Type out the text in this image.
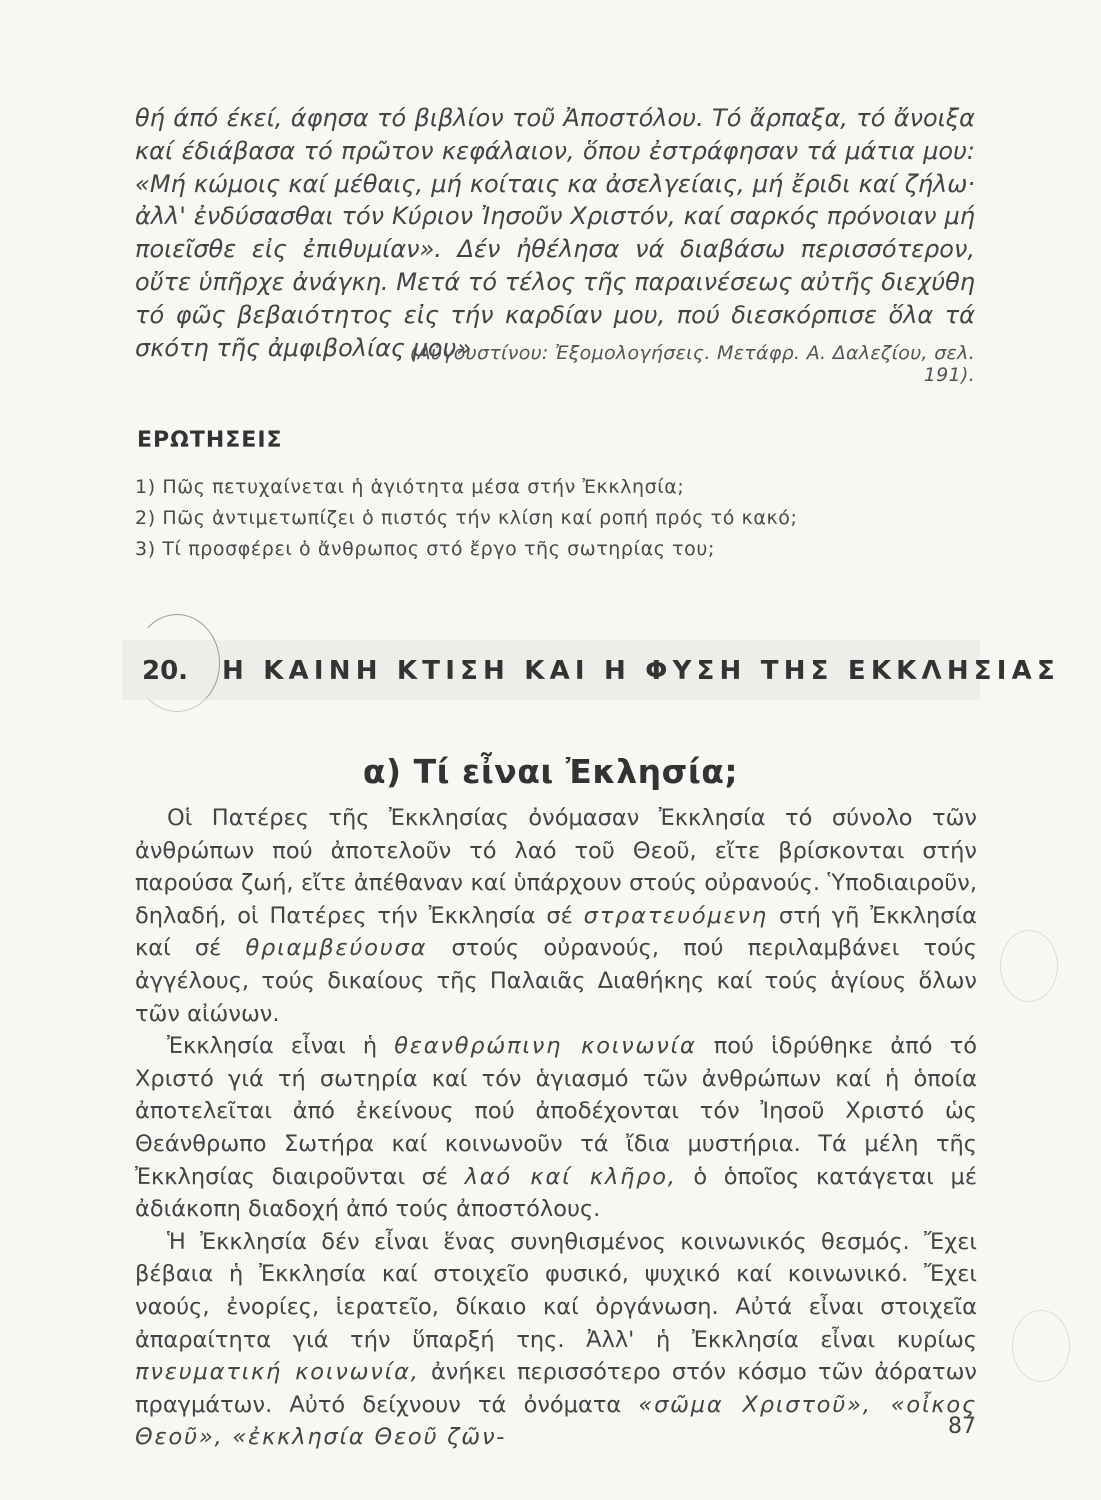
θή άπό έκεί, άφησα τό βιβλίον τοῦ Ἀποστόλου. Τό ἄρπαξα, τό ἄνοιξα καί έδιάβασα τό πρῶτον κεφάλαιον, ὅπου ἐστράφησαν τά μάτια μου: «Μή κώμοις καί μέθαις, μή κοίταις κα ἀσελγείαις, μή ἔριδι καί ζήλω· ἀλλ' ἐνδύσασθαι τόν Κύριον Ἰησοῦν Χριστόν, καί σαρκός πρόνοιαν μή ποιεῖσθε εἰς ἐπιθυμίαν». Δέν ἠθέλησα νά διαβάσω περισσότερον, οὔτε ὑπῆρχε ἀνάγκη. Μετά τό τέλος τῆς παραινέσεως αὐτῆς διεχύθη τό φῶς βεβαιότητος εἰς τήν καρδίαν μου, πού διεσκόρπισε ὅλα τά σκότη τῆς ἀμφιβολίας μου»

(Αὐγουστίνου: Ἐξομολογήσεις. Μετάφρ. Α. Δαλεζίου, σελ. 191).
ΕΡΩΤΗΣΕΙΣ
1) Πῶς πετυχαίνεται ἡ ἁγιότητα μέσα στήν Ἐκκλησία;
2) Πῶς ἀντιμετωπίζει ὁ πιστός τήν κλίση καί ροπή πρός τό κακό;
3) Τί προσφέρει ὁ ἄνθρωπος στό ἔργο τῆς σωτηρίας του;
20. Η ΚΑΙΝΗ ΚΤΙΣΗ ΚΑΙ Η ΦΥΣΗ ΤΗΣ ΕΚΚΛΗΣΙΑΣ
α) Τί εἶναι Ἐκλησία;

Οἱ Πατέρες τῆς Ἐκκλησίας ὀνόμασαν Ἐκκλησία τό σύνολο τῶν ἀνθρώπων πού ἀποτελοῦν τό λαό τοῦ Θεοῦ, εἴτε βρίσκονται στήν παρούσα ζωή, εἴτε ἀπέθαναν καί ὑπάρχουν στούς οὐρανούς. Ὑποδιαιροῦν, δηλαδή, οἱ Πατέρες τήν Ἐκκλησία σέ στρατευόμενη στή γῆ Ἐκκλησία καί σέ θριαμβεύουσα στούς οὐρανούς, πού περιλαμβάνει τούς ἀγγέλους, τούς δικαίους τῆς Παλαιᾶς Διαθήκης καί τούς ἁγίους ὅλων τῶν αἰώνων.

Ἐκκλησία εἶναι ἡ θεανθρώπινη κοινωνία πού ἱδρύθηκε ἀπό τό Χριστό γιά τή σωτηρία καί τόν ἁγιασμό τῶν ἀνθρώπων καί ἡ ὁποία ἀποτελεῖται ἀπό ἐκείνους πού ἀποδέχονται τόν Ἰησοῦ Χριστό ὡς Θεάνθρωπο Σωτήρα καί κοινωνοῦν τά ἴδια μυστήρια. Τά μέλη τῆς Ἐκκλησίας διαιροῦνται σέ λαό καί κλῆρο, ὁ ὁποῖος κατάγεται μέ ἀδιάκοπη διαδοχή ἀπό τούς ἀποστόλους.

Ἡ Ἐκκλησία δέν εἶναι ἕνας συνηθισμένος κοινωνικός θεσμός. Ἔχει βέβαια ἡ Ἐκκλησία καί στοιχεῖο φυσικό, ψυχικό καί κοινωνικό. Ἔχει ναούς, ἐνορίες, ἱερατεῖο, δίκαιο καί ὀργάνωση. Αὐτά εἶναι στοιχεῖα ἀπαραίτητα γιά τήν ὕπαρξή της. Ἀλλ' ἡ Ἐκκλησία εἶναι κυρίως πνευματική κοινωνία, ἀνήκει περισσότερο στόν κόσμο τῶν ἀόρατων πραγμάτων. Αὐτό δείχνουν τά ὀνόματα «σῶμα Χριστοῦ», «οἶκος Θεοῦ», «ἐκκλησία Θεοῦ ζῶν-	87
